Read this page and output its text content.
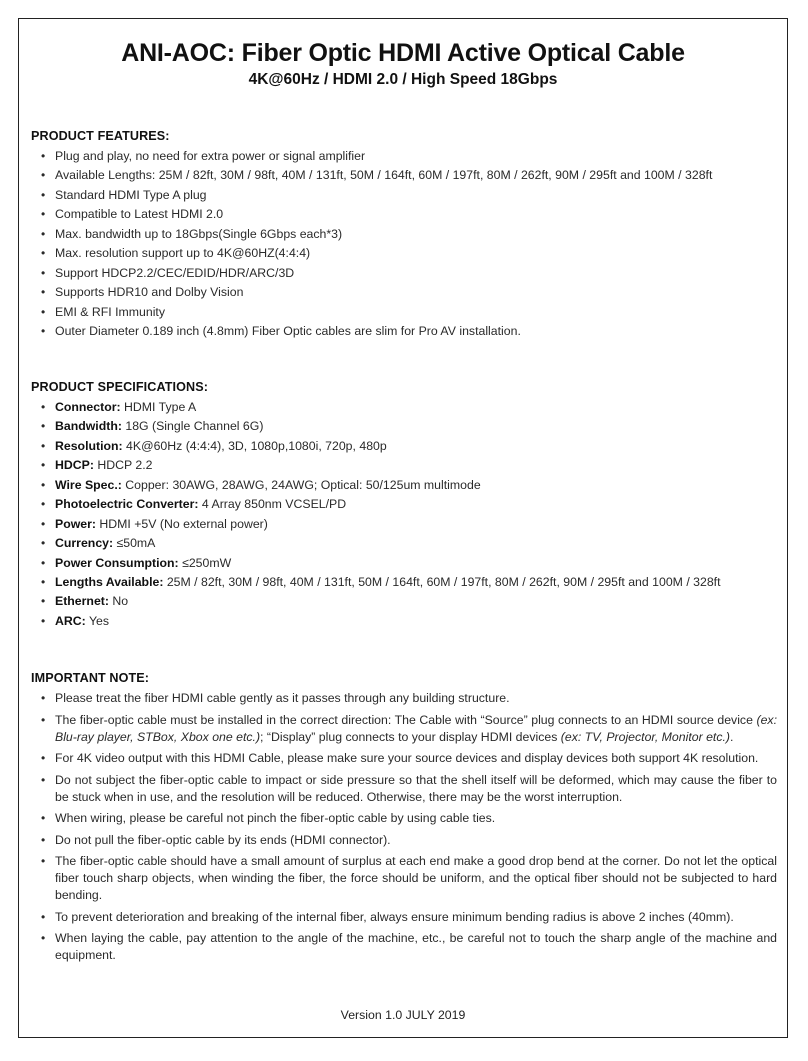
ANI-AOC: Fiber Optic HDMI Active Optical Cable
4K@60Hz / HDMI 2.0 / High Speed 18Gbps
PRODUCT FEATURES:
• Plug and play, no need for extra power or signal amplifier
• Available Lengths: 25M / 82ft, 30M / 98ft, 40M / 131ft, 50M / 164ft, 60M / 197ft, 80M / 262ft, 90M / 295ft and 100M / 328ft
• Standard HDMI Type A plug
• Compatible to Latest HDMI 2.0
• Max. bandwidth up to 18Gbps(Single 6Gbps each*3)
• Max. resolution support up to 4K@60HZ(4:4:4)
• Support HDCP2.2/CEC/EDID/HDR/ARC/3D
• Supports HDR10 and Dolby Vision
• EMI & RFI Immunity
• Outer Diameter 0.189 inch (4.8mm) Fiber Optic cables are slim for Pro AV installation.
PRODUCT SPECIFICATIONS:
• Connector: HDMI Type A
• Bandwidth: 18G (Single Channel 6G)
• Resolution: 4K@60Hz (4:4:4), 3D, 1080p,1080i, 720p, 480p
• HDCP: HDCP 2.2
• Wire Spec.: Copper: 30AWG, 28AWG, 24AWG; Optical: 50/125um multimode
• Photoelectric Converter: 4 Array 850nm VCSEL/PD
• Power: HDMI +5V (No external power)
• Currency: ≤50mA
• Power Consumption: ≤250mW
• Lengths Available: 25M / 82ft, 30M / 98ft, 40M / 131ft, 50M / 164ft, 60M / 197ft, 80M / 262ft, 90M / 295ft and 100M / 328ft
• Ethernet: No
• ARC: Yes
IMPORTANT NOTE:
• Please treat the fiber HDMI cable gently as it passes through any building structure.
• The fiber-optic cable must be installed in the correct direction: The Cable with “Source” plug connects to an HDMI source device (ex: Blu-ray player, STBox, Xbox one etc.); “Display” plug connects to your display HDMI devices (ex: TV, Projector, Monitor etc.).
• For 4K video output with this HDMI Cable, please make sure your source devices and display devices both support 4K resolution.
• Do not subject the fiber-optic cable to impact or side pressure so that the shell itself will be deformed, which may cause the fiber to be stuck when in use, and the resolution will be reduced. Otherwise, there may be the worst interruption.
• When wiring, please be careful not pinch the fiber-optic cable by using cable ties.
• Do not pull the fiber-optic cable by its ends (HDMI connector).
• The fiber-optic cable should have a small amount of surplus at each end make a good drop bend at the corner. Do not let the optical fiber touch sharp objects, when winding the fiber, the force should be uniform, and the optical fiber should not be subjected to hard bending.
• To prevent deterioration and breaking of the internal fiber, always ensure minimum bending radius is above 2 inches (40mm).
• When laying the cable, pay attention to the angle of the machine, etc., be careful not to touch the sharp angle of the machine and equipment.
Version 1.0 JULY 2019
